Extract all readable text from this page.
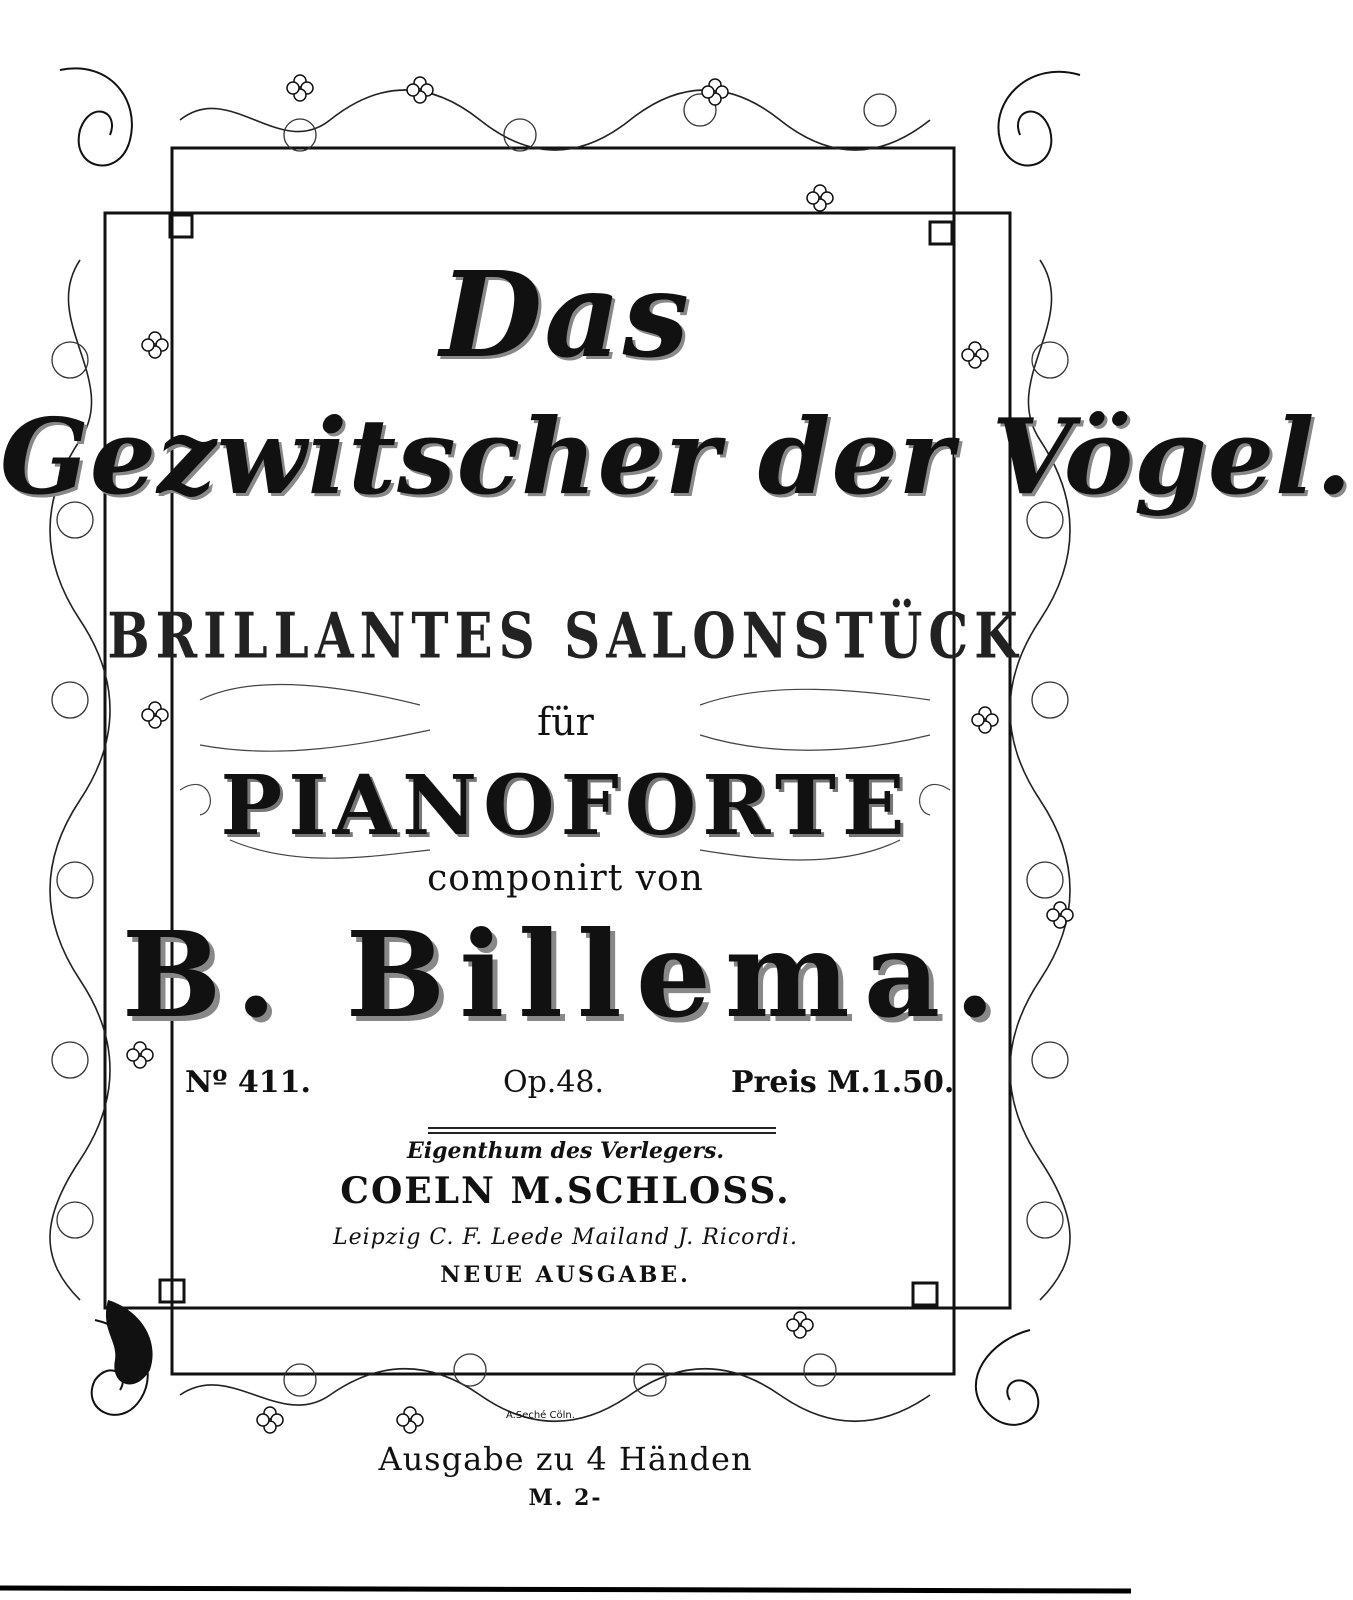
Das
Gezwitscher der Vögel.
BRILLANTES SALONSTÜCK
für
PIANOFORTE
componirt von
B. Billema.
Nº 411.	Op.48.	Preis M.1.50.
Eigenthum des Verlegers.
COELN M.SCHLOSS.
Leipzig C. F. Leede Mailand J. Ricordi.
NEUE AUSGABE.
A.Seché Cöln.
Ausgabe zu 4 Händen
M. 2-
